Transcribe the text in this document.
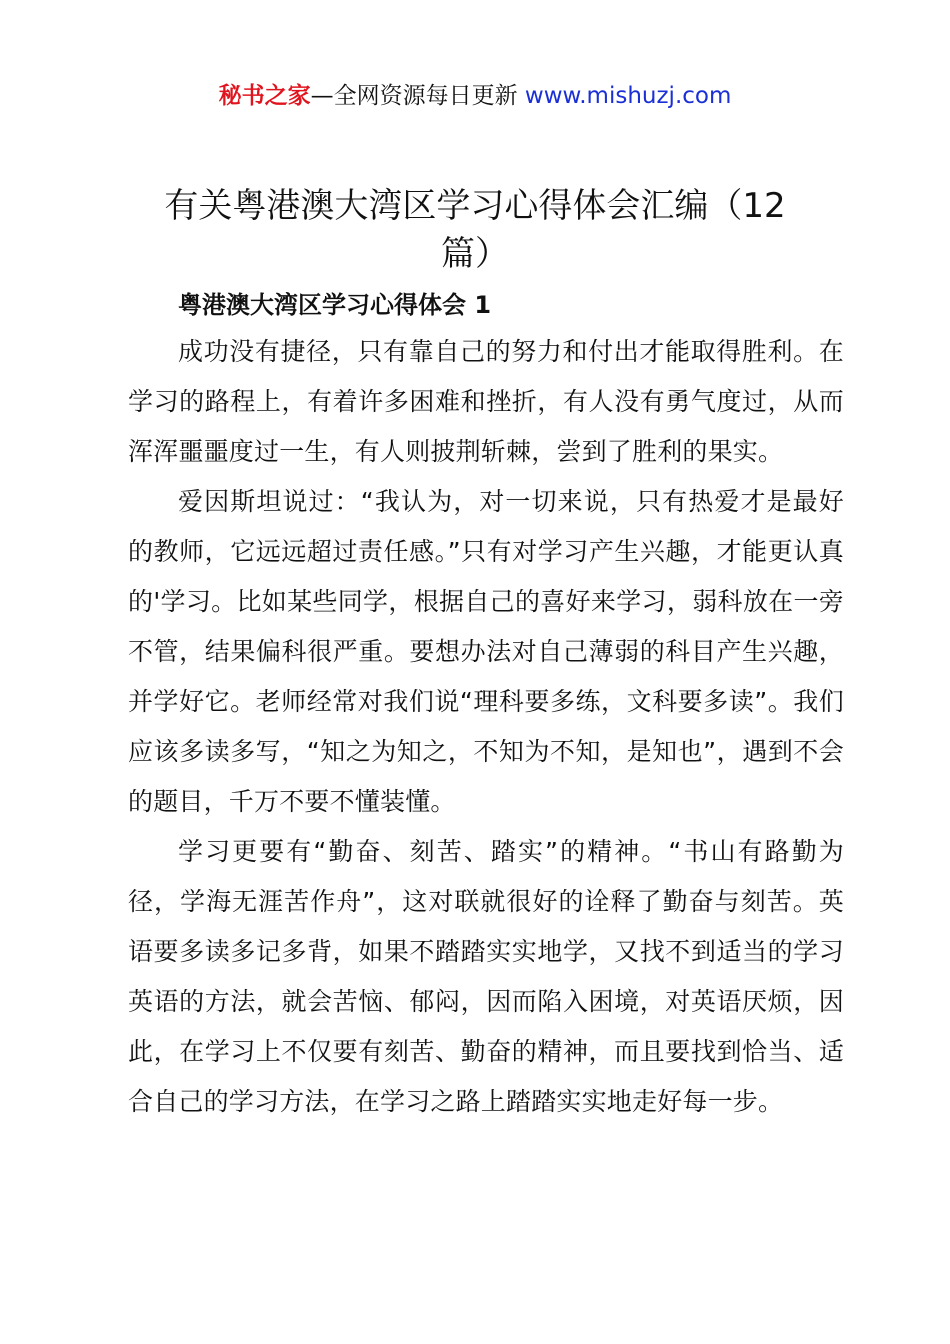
秘书之家—全网资源每日更新 www.mishuzj.com
有关粤港澳大湾区学习心得体会汇编（12
篇）
粤港澳大湾区学习心得体会 1

成功没有捷径，只有靠自己的努力和付出才能取得胜利。在学习的路程上，有着许多困难和挫折，有人没有勇气度过，从而浑浑噩噩度过一生，有人则披荆斩棘，尝到了胜利的果实。

爱因斯坦说过：“我认为，对一切来说，只有热爱才是最好的教师，它远远超过责任感。”只有对学习产生兴趣，才能更认真的'学习。比如某些同学，根据自己的喜好来学习，弱科放在一旁不管，结果偏科很严重。要想办法对自己薄弱的科目产生兴趣，并学好它。老师经常对我们说“理科要多练，文科要多读”。我们应该多读多写，“知之为知之，不知为不知，是知也”，遇到不会的题目，千万不要不懂装懂。

学习更要有“勤奋、刻苦、踏实”的精神。“书山有路勤为径，学海无涯苦作舟”，这对联就很好的诠释了勤奋与刻苦。英语要多读多记多背，如果不踏踏实实地学，又找不到适当的学习英语的方法，就会苦恼、郁闷，因而陷入困境，对英语厌烦，因此，在学习上不仅要有刻苦、勤奋的精神，而且要找到恰当、适合自己的学习方法，在学习之路上踏踏实实地走好每一步。
